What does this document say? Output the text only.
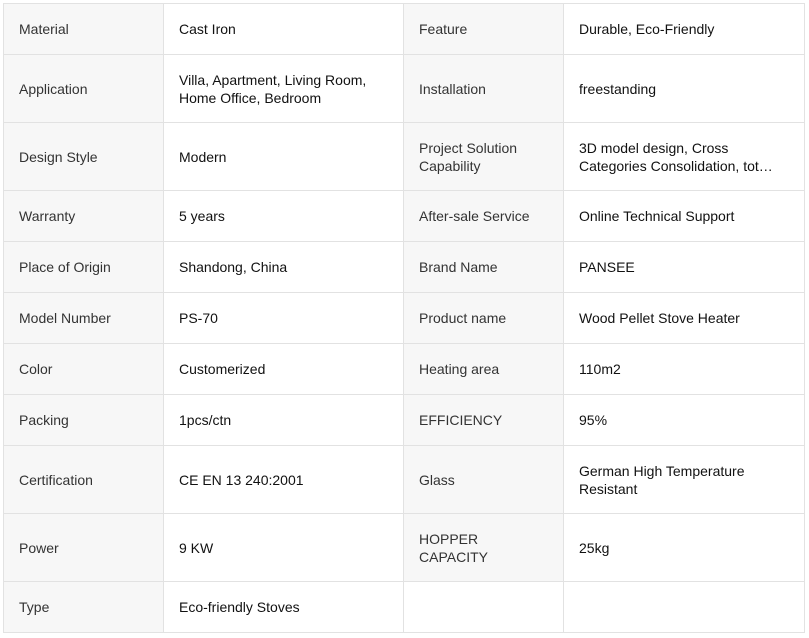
Material	Cast Iron	Feature	Durable, Eco-Friendly
Application	Villa, Apartment, Living Room, Home Office, Bedroom	Installation	freestanding
Design Style	Modern	Project Solution Capability	3D model design, Cross Categories Consolidation, tot…

Warranty	5 years	After-sale Service	Online Technical Support
Place of Origin	Shandong, China	Brand Name	PANSEE
Model Number	PS-70	Product name	Wood Pellet Stove Heater
Color	Customerized	Heating area	110m2
Packing	1pcs/ctn	EFFICIENCY	95%
Certification	CE EN 13 240:2001	Glass	German High Temperature Resistant
Power	9 KW	HOPPER CAPACITY	25kg
Type	Eco-friendly Stoves		
